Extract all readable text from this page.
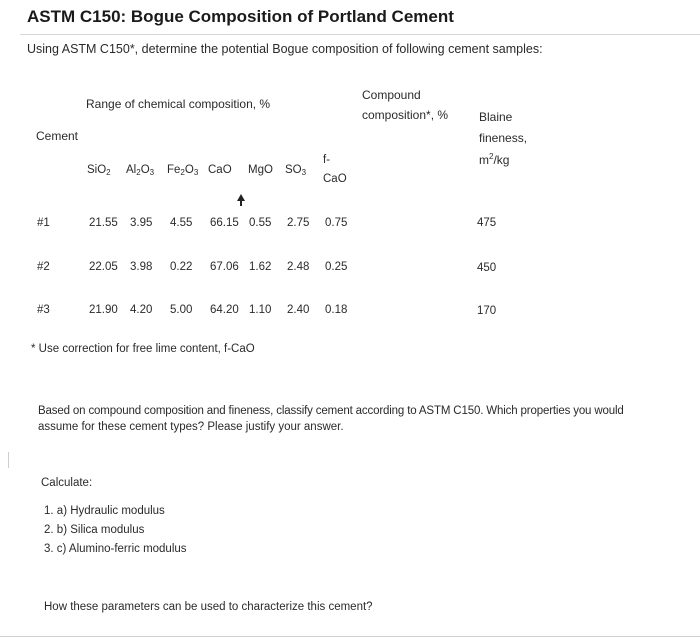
ASTM C150: Bogue Composition of Portland Cement
Using ASTM C150*, determine the potential Bogue composition of following cement samples:
Range of chemical composition, %
Compound
composition*, %	Blaine
fineness,
$m^2/kg$
Cement
SiO$_2$ $Al_2O_3$ $Fe_2O_3$ CaO MgO $SO_3$
f-
CaO
#1	21.55 3.95 4.55 66.15 0.55 2.75 0.75	475
#2	22.05 3.98 0.22 67.06 1.62 2.48 0.25	450
#3	21.90 4.20 5.00 64.20 1.10 2.40 0.18	170
* Use correction for free lime content, f-CaO
Based on compound composition and fineness, classify cement according to ASTM C150. Which properties you would
assume for these cement types? Please justify your answer.
Calculate:
1. a) Hydraulic modulus
2. b) Silica modulus
3. c) Alumino-ferric modulus
How these parameters can be used to characterize this cement?
